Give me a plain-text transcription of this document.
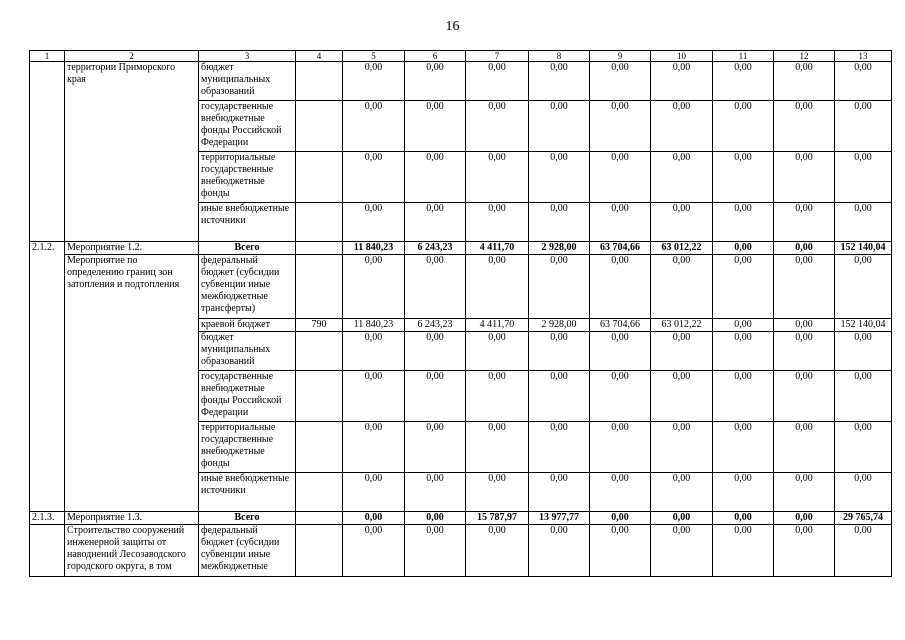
16
1	2	3	4	5	6	7	8	9	10	11	12	13
	территории Приморского края	бюджет муниципальных образований		0,00	0,00	0,00	0,00	0,00	0,00	0,00	0,00	0,00
		государственные внебюджетные фонды Российской Федерации		0,00	0,00	0,00	0,00	0,00	0,00	0,00	0,00	0,00
		территориальные государственные внебюджетные фонды		0,00	0,00	0,00	0,00	0,00	0,00	0,00	0,00	0,00
		иные внебюджетные источники		0,00	0,00	0,00	0,00	0,00	0,00	0,00	0,00	0,00
2.1.2.	Мероприятие 1.2.	Всего		11 840,23	6 243,23	4 411,70	2 928,00	63 704,66	63 012,22	0,00	0,00	152 140,04
	Мероприятие по определению границ зон затопления и подтопления	федеральный бюджет (субсидии субвенции иные межбюджетные трансферты)		0,00	0,00	0,00	0,00	0,00	0,00	0,00	0,00	0,00
		краевой бюджет	790	11 840,23	6 243,23	4 411,70	2 928,00	63 704,66	63 012,22	0,00	0,00	152 140,04
		бюджет муниципальных образований		0,00	0,00	0,00	0,00	0,00	0,00	0,00	0,00	0,00
		государственные внебюджетные фонды Российской Федерации		0,00	0,00	0,00	0,00	0,00	0,00	0,00	0,00	0,00
		территориальные государственные внебюджетные фонды		0,00	0,00	0,00	0,00	0,00	0,00	0,00	0,00	0,00
		иные внебюджетные источники		0,00	0,00	0,00	0,00	0,00	0,00	0,00	0,00	0,00
2.1.3.	Мероприятие 1.3.	Всего		0,00	0,00	15 787,97	13 977,77	0,00	0,00	0,00	0,00	29 765,74
	Строительство сооружений инженерной защиты от наводнений Лесозаводского городского округа, в том	федеральный бюджет (субсидии субвенции иные межбюджетные		0,00	0,00	0,00	0,00	0,00	0,00	0,00	0,00	0,00
